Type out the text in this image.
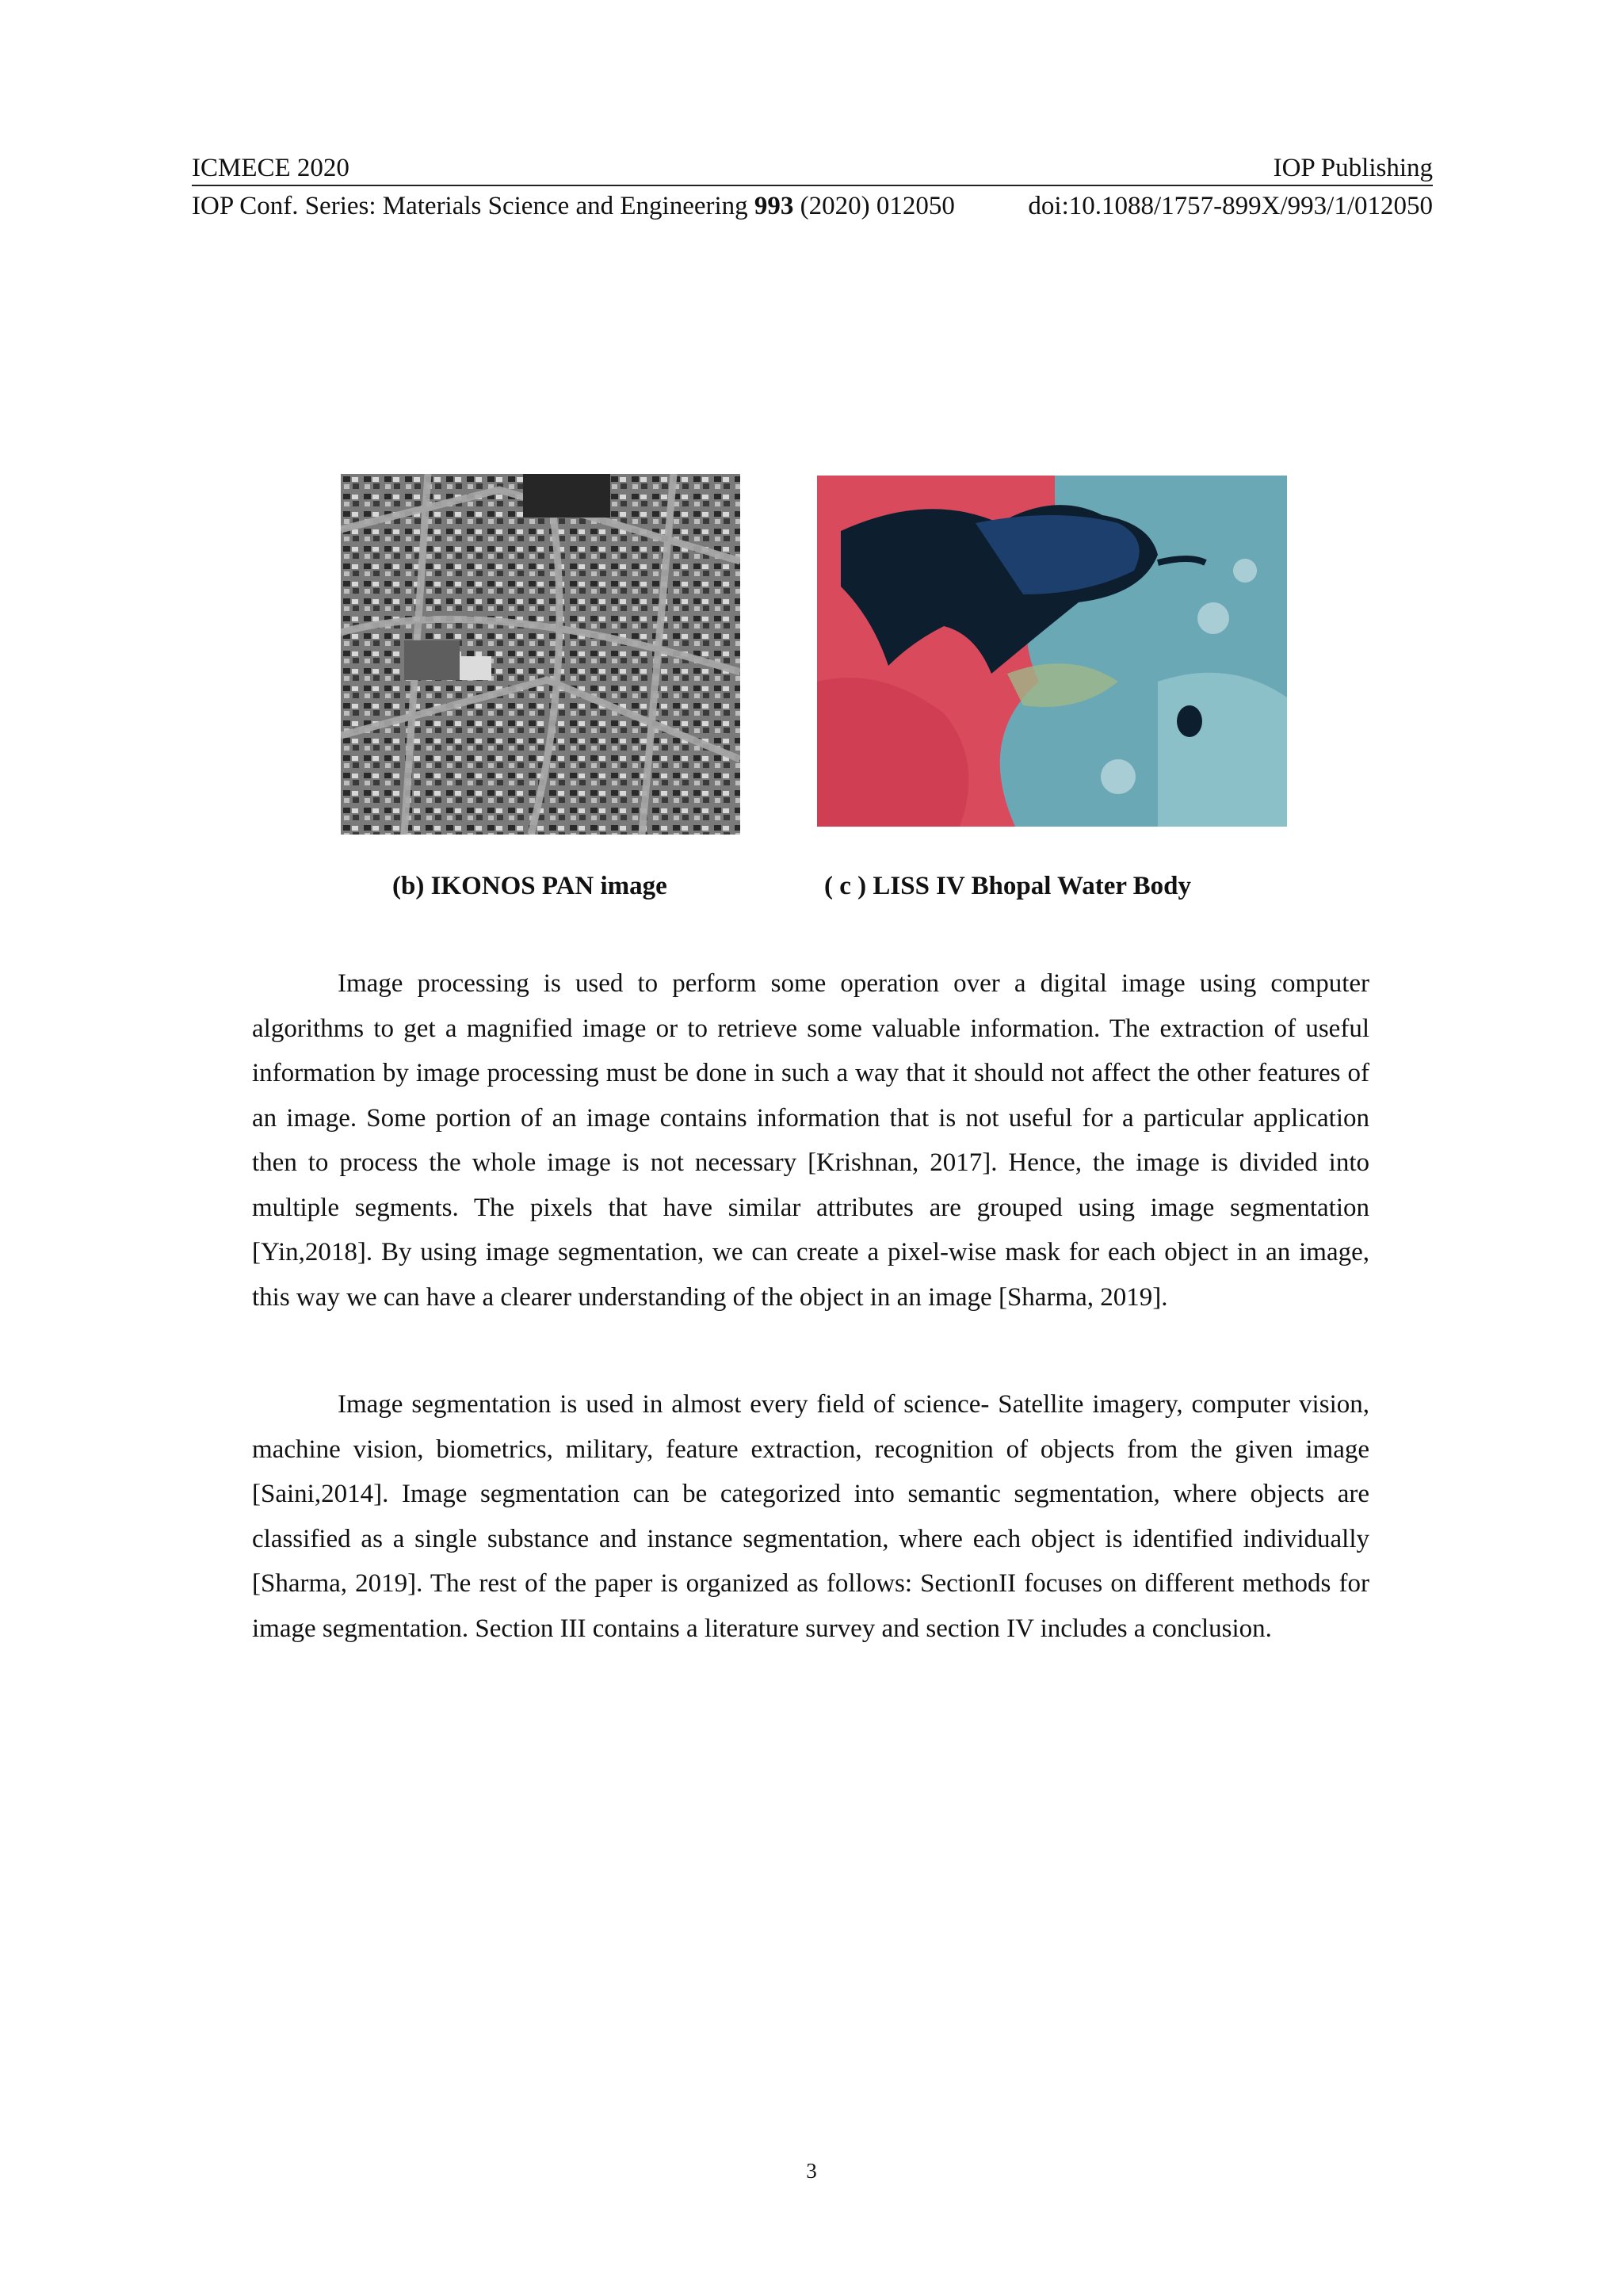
ICMECE 2020	IOP Publishing
IOP Conf. Series: Materials Science and Engineering 993 (2020) 012050	doi:10.1088/1757-899X/993/1/012050
(b) IKONOS PAN image	( c ) LISS IV Bhopal Water Body

Image processing is used to perform some operation over a digital image using computer algorithms to get a magnified image or to retrieve some valuable information. The extraction of useful information by image processing must be done in such a way that it should not affect the other features of an image. Some portion of an image contains information that is not useful for a particular application then to process the whole image is not necessary [Krishnan, 2017]. Hence, the image is divided into multiple segments. The pixels that have similar attributes are grouped using image segmentation [Yin,2018]. By using image segmentation, we can create a pixel-wise mask for each object in an image, this way we can have a clearer understanding of the object in an image [Sharma, 2019].

Image segmentation is used in almost every field of science- Satellite imagery, computer vision, machine vision, biometrics, military, feature extraction, recognition of objects from the given image [Saini,2014]. Image segmentation can be categorized into semantic segmentation, where objects are classified as a single substance and instance segmentation, where each object is identified individually [Sharma, 2019]. The rest of the paper is organized as follows: SectionII focuses on different methods for image segmentation. Section III contains a literature survey and section IV includes a conclusion.

3
